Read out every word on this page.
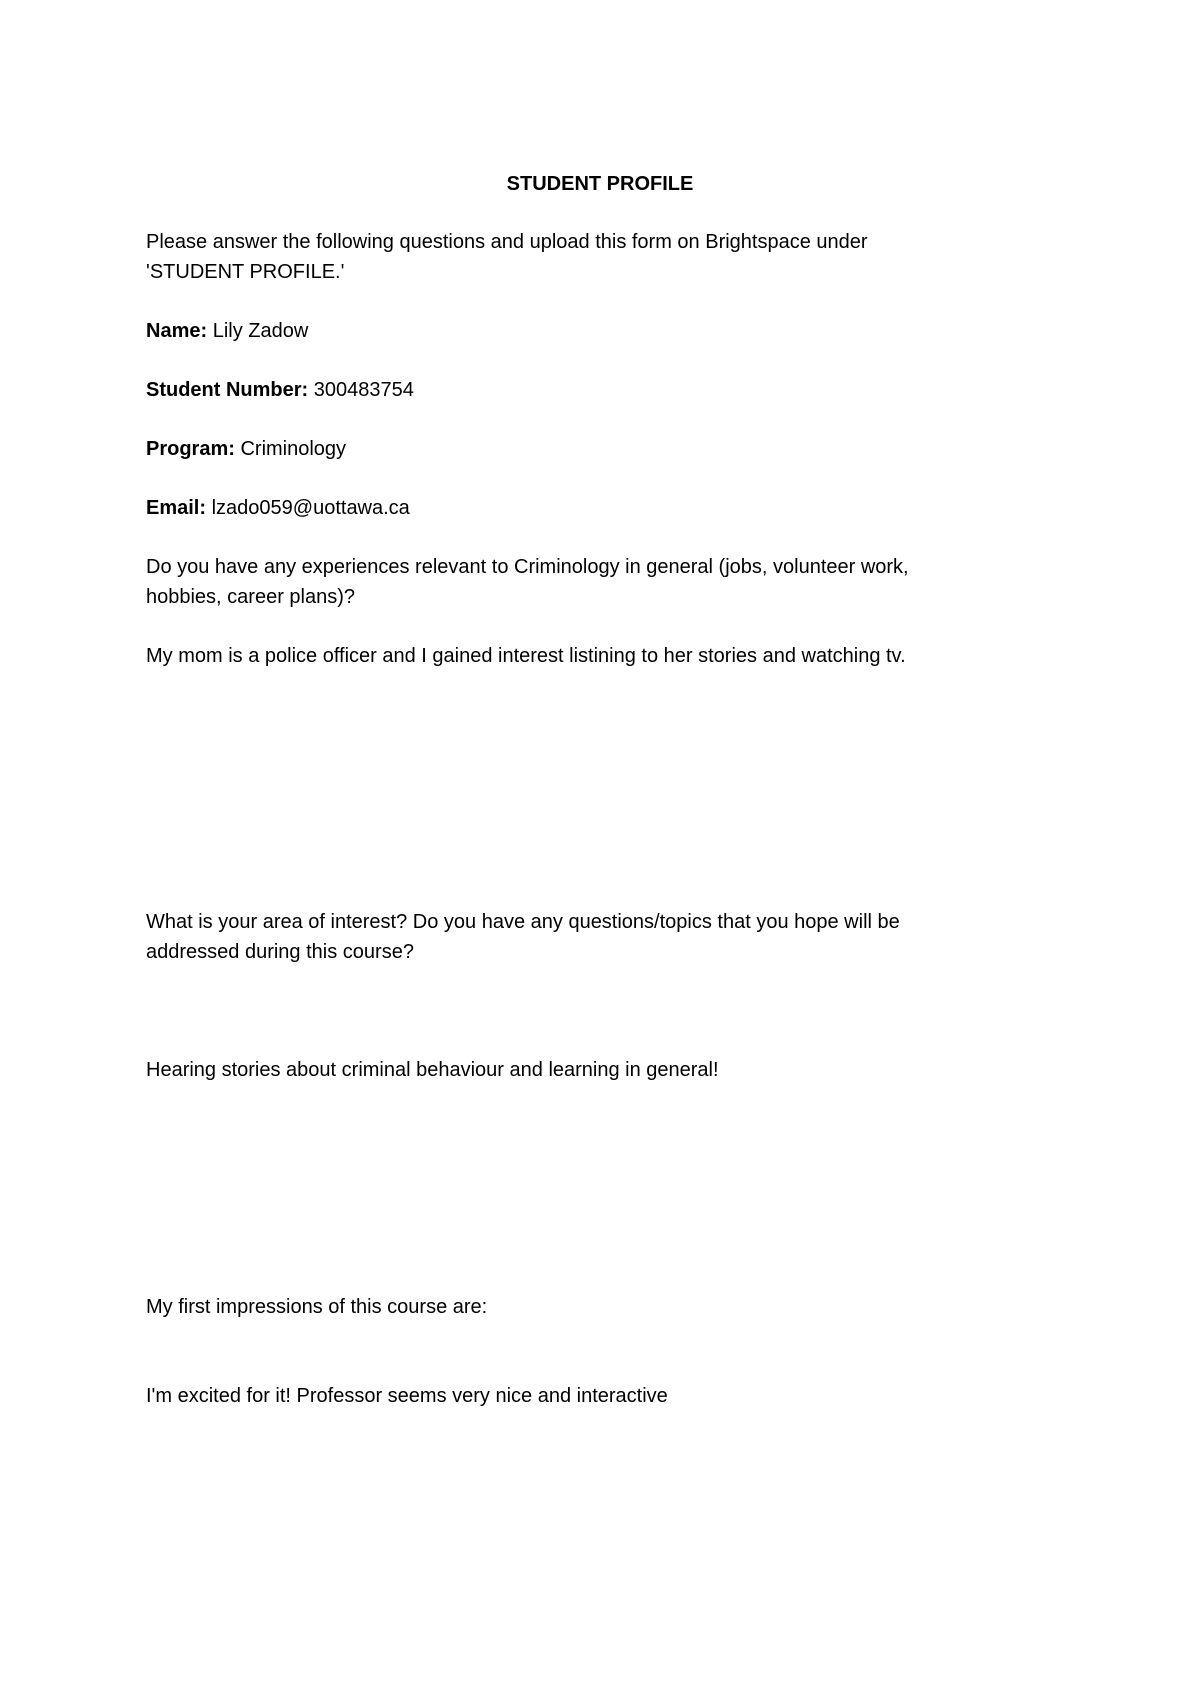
STUDENT PROFILE
Please answer the following questions and upload this form on Brightspace under
'STUDENT PROFILE.'
Name: Lily Zadow
Student Number: 300483754
Program: Criminology
Email: lzado059@uottawa.ca
Do you have any experiences relevant to Criminology in general (jobs, volunteer work,
hobbies, career plans)?
My mom is a police officer and I gained interest listining to her stories and watching tv.
What is your area of interest? Do you have any questions/topics that you hope will be
addressed during this course?
Hearing stories about criminal behaviour and learning in general!
My first impressions of this course are:
I'm excited for it! Professor seems very nice and interactive
